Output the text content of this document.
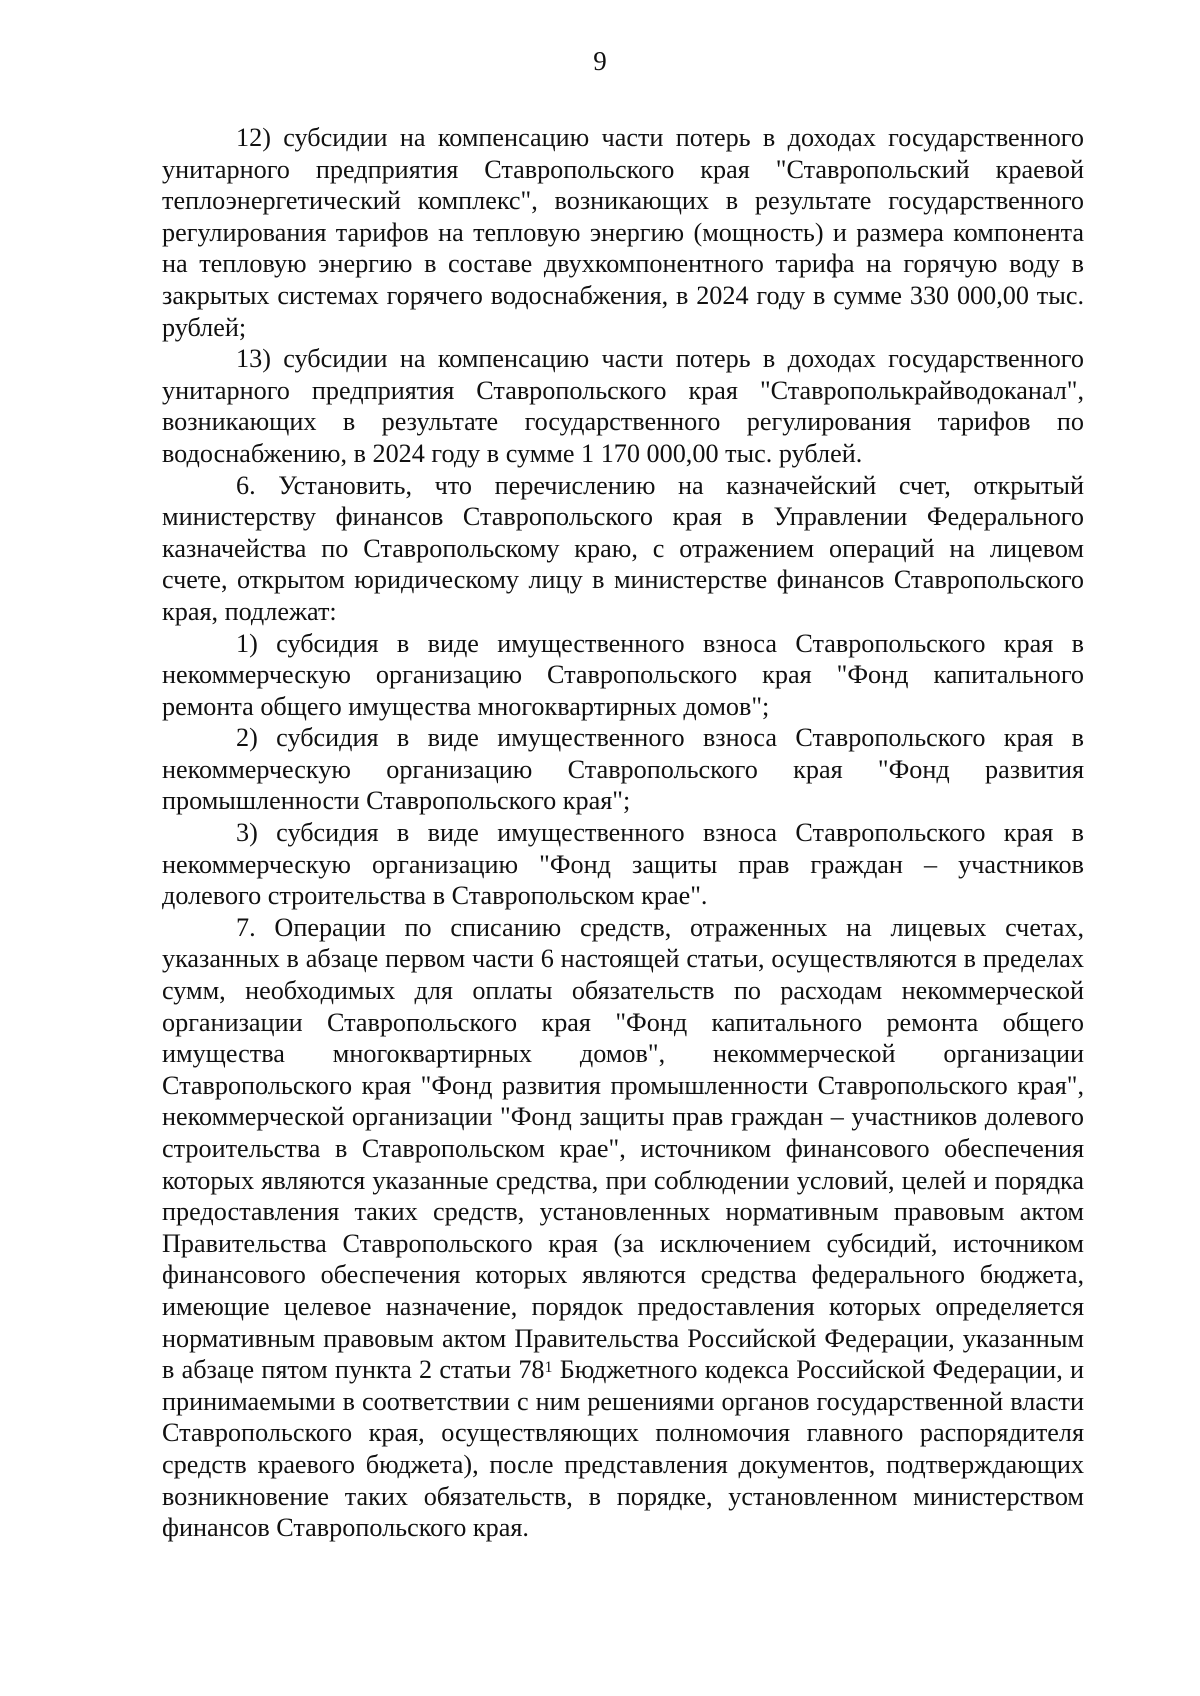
9

12) субсидии на компенсацию части потерь в доходах государственного унитарного предприятия Ставропольского края "Ставропольский краевой теплоэнергетический комплекс", возникающих в результате государственного регулирования тарифов на тепловую энергию (мощность) и размера компонента на тепловую энергию в составе двухкомпонентного тарифа на горячую воду в закрытых системах горячего водоснабжения, в 2024 году в сумме 330 000,00 тыс. рублей;

13) субсидии на компенсацию части потерь в доходах государственного унитарного предприятия Ставропольского края "Ставрополькрайводоканал", возникающих в результате государственного регулирования тарифов по водоснабжению, в 2024 году в сумме 1 170 000,00 тыс. рублей.

6. Установить, что перечислению на казначейский счет, открытый министерству финансов Ставропольского края в Управлении Федерального казначейства по Ставропольскому краю, с отражением операций на лицевом счете, открытом юридическому лицу в министерстве финансов Ставропольского края, подлежат:

1) субсидия в виде имущественного взноса Ставропольского края в некоммерческую организацию Ставропольского края "Фонд капитального ремонта общего имущества многоквартирных домов";

2) субсидия в виде имущественного взноса Ставропольского края в некоммерческую организацию Ставропольского края "Фонд развития промышленности Ставропольского края";

3) субсидия в виде имущественного взноса Ставропольского края в некоммерческую организацию "Фонд защиты прав граждан – участников долевого строительства в Ставропольском крае".

7. Операции по списанию средств, отраженных на лицевых счетах, указанных в абзаце первом части 6 настоящей статьи, осуществляются в пределах сумм, необходимых для оплаты обязательств по расходам некоммерческой организации Ставропольского края "Фонд капитального ремонта общего имущества многоквартирных домов", некоммерческой организации Ставропольского края "Фонд развития промышленности Ставропольского края", некоммерческой организации "Фонд защиты прав граждан – участников долевого строительства в Ставропольском крае", источником финансового обеспечения которых являются указанные средства, при соблюдении условий, целей и порядка предоставления таких средств, установленных нормативным правовым актом Правительства Ставропольского края (за исключением субсидий, источником финансового обеспечения которых являются средства федерального бюджета, имеющие целевое назначение, порядок предоставления которых определяется нормативным правовым актом Правительства Российской Федерации, указанным в абзаце пятом пункта 2 статьи $78^1$ Бюджетного кодекса Российской Федерации, и принимаемыми в соответствии с ним решениями органов государственной власти Ставропольского края, осуществляющих полномочия главного распорядителя средств краевого бюджета), после представления документов, подтверждающих возникновение таких обязательств, в порядке, установленном министерством финансов Ставропольского края.
